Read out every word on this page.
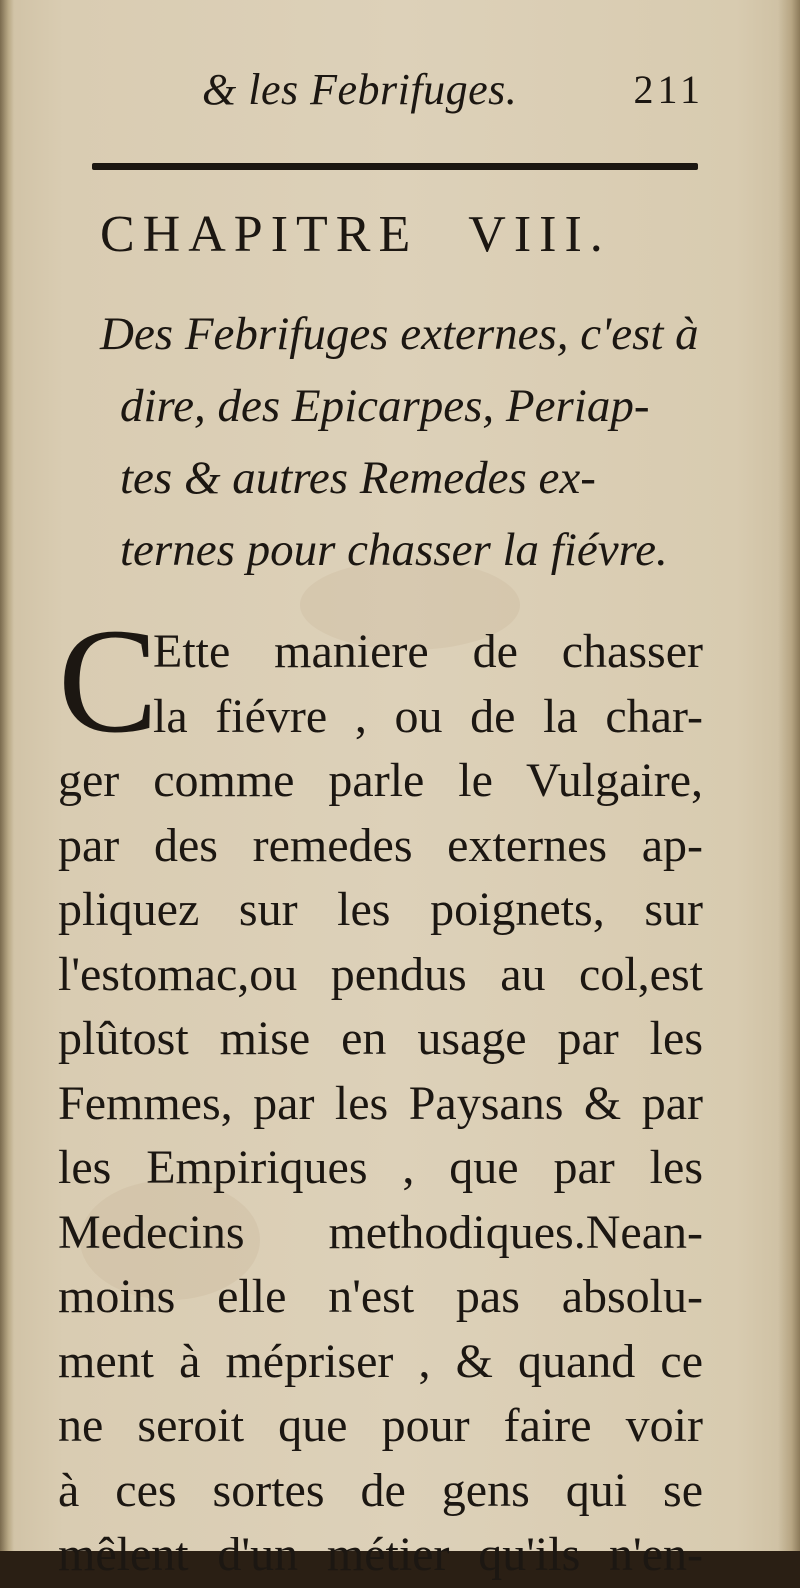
& les Febrifuges.	211
CHAPITRE VIII.
Des Febrifuges externes, c'est à
dire, des Epicarpes, Periap-
tes & autres Remedes ex-
ternes pour chasser la fiévre.
C
Ette maniere de chasser
la fiévre , ou de la char-
ger comme parle le Vulgaire,
par des remedes externes ap-
pliquez sur les poignets, sur
l'estomac,ou pendus au col,est
plûtost mise en usage par les
Femmes, par les Paysans & par
les Empiriques , que par les
Medecins methodiques.Nean-
moins elle n'est pas absolu-
ment à mépriser , & quand ce
ne seroit que pour faire voir
à ces sortes de gens qui se
mêlent d'un métier qu'ils n'en-
